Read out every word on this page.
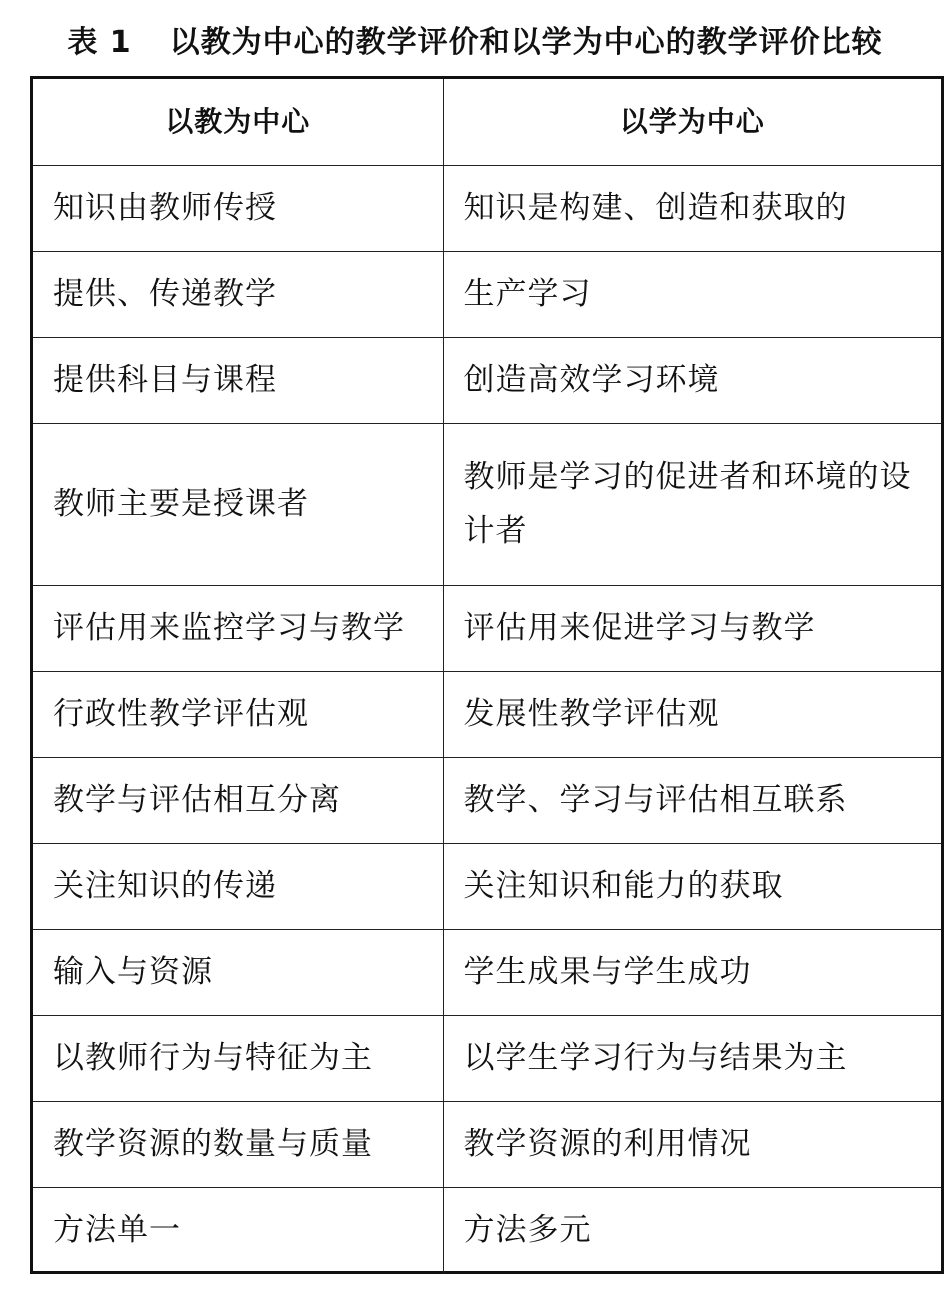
表 1 以教为中心的教学评价和以学为中心的教学评价比较
以教为中心	以学为中心
知识由教师传授	知识是构建、创造和获取的
提供、传递教学	生产学习
提供科目与课程	创造高效学习环境
教师主要是授课者	教师是学习的促进者和环境的设计者
评估用来监控学习与教学	评估用来促进学习与教学
行政性教学评估观	发展性教学评估观
教学与评估相互分离	教学、学习与评估相互联系
关注知识的传递	关注知识和能力的获取
输入与资源	学生成果与学生成功
以教师行为与特征为主	以学生学习行为与结果为主
教学资源的数量与质量	教学资源的利用情况
方法单一	方法多元
